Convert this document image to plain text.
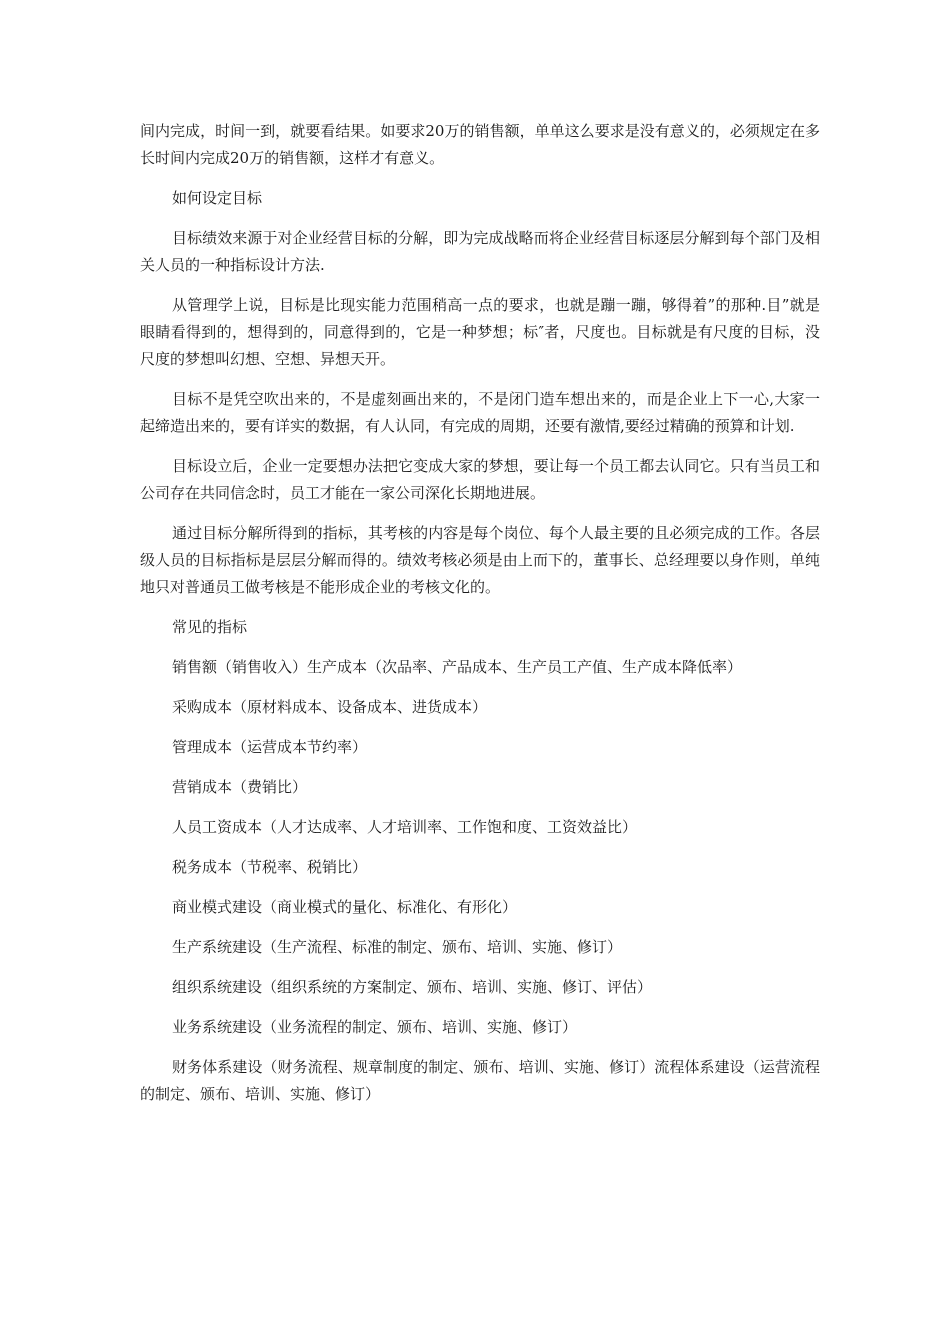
间内完成，时间一到，就要看结果。如要求20万的销售额，单单这么要求是没有意义的，必须规定在多长时间内完成20万的销售额，这样才有意义。

如何设定目标

目标绩效来源于对企业经营目标的分解，即为完成战略而将企业经营目标逐层分解到每个部门及相关人员的一种指标设计方法.

从管理学上说，目标是比现实能力范围稍高一点的要求，也就是蹦一蹦，够得着”的那种.目”就是眼睛看得到的，想得到的，同意得到的，它是一种梦想；标″者，尺度也。目标就是有尺度的目标，没尺度的梦想叫幻想、空想、异想天开。

目标不是凭空吹出来的，不是虚刻画出来的，不是闭门造车想出来的，而是企业上下一心,大家一起缔造出来的，要有详实的数据，有人认同，有完成的周期，还要有激情,要经过精确的预算和计划.

目标设立后，企业一定要想办法把它变成大家的梦想，要让每一个员工都去认同它。只有当员工和公司存在共同信念时，员工才能在一家公司深化长期地进展。

通过目标分解所得到的指标，其考核的内容是每个岗位、每个人最主要的且必须完成的工作。各层级人员的目标指标是层层分解而得的。绩效考核必须是由上而下的，董事长、总经理要以身作则，单纯地只对普通员工做考核是不能形成企业的考核文化的。

常见的指标

销售额（销售收入）生产成本（次品率、产品成本、生产员工产值、生产成本降低率）

采购成本（原材料成本、设备成本、进货成本）

管理成本（运营成本节约率）

营销成本（费销比）

人员工资成本（人才达成率、人才培训率、工作饱和度、工资效益比）

税务成本（节税率、税销比）

商业模式建设（商业模式的量化、标准化、有形化）

生产系统建设（生产流程、标准的制定、颁布、培训、实施、修订）

组织系统建设（组织系统的方案制定、颁布、培训、实施、修订、评估）

业务系统建设（业务流程的制定、颁布、培训、实施、修订）

财务体系建设（财务流程、规章制度的制定、颁布、培训、实施、修订）流程体系建设（运营流程的制定、颁布、培训、实施、修订）
